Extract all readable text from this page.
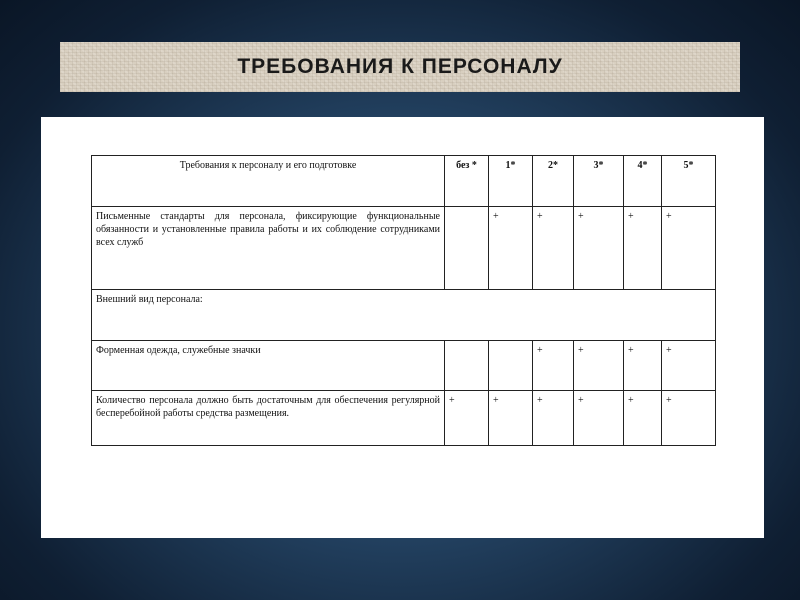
ТРЕБОВАНИЯ К ПЕРСОНАЛУ
Требования к персоналу и его подготовке	без *	1*	2*	3*	4*	5*
Письменные стандарты для персонала, фиксирующие функциональные обязанности и установленные правила работы и их соблюдение сотрудниками всех служб		+	+	+	+	+
Внешний вид персонала:						
Форменная одежда, служебные значки			+	+	+	+
Количество персонала должно быть достаточным для обеспечения регулярной бесперебойной работы средства размещения.	+	+	+	+	+	+
